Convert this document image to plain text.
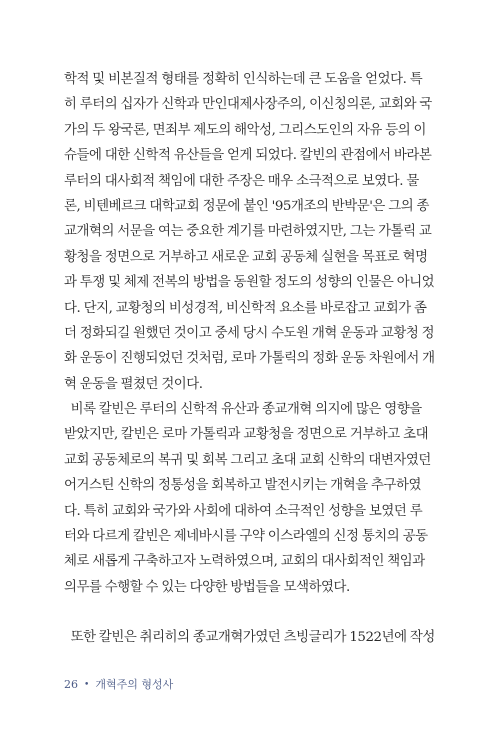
학적 및 비본질적 형태를 정확히 인식하는데 큰 도움을 얻었다. 특
히 루터의 십자가 신학과 만인대제사장주의, 이신칭의론, 교회와 국
가의 두 왕국론, 면죄부 제도의 해악성, 그리스도인의 자유 등의 이
슈들에 대한 신학적 유산들을 얻게 되었다. 칼빈의 관점에서 바라본
루터의 대사회적 책임에 대한 주장은 매우 소극적으로 보였다. 물
론, 비텐베르크 대학교회 정문에 붙인 '95개조의 반박문'은 그의 종
교개혁의 서문을 여는 중요한 계기를 마련하였지만, 그는 가톨릭 교
황청을 정면으로 거부하고 새로운 교회 공동체 실현을 목표로 혁명
과 투쟁 및 체제 전복의 방법을 동원할 정도의 성향의 인물은 아니었
다. 단지, 교황청의 비성경적, 비신학적 요소를 바로잡고 교회가 좀
더 정화되길 원했던 것이고 중세 당시 수도원 개혁 운동과 교황청 정
화 운동이 진행되었던 것처럼, 로마 가톨릭의 정화 운동 차원에서 개
혁 운동을 펼쳤던 것이다.
비록 칼빈은 루터의 신학적 유산과 종교개혁 의지에 많은 영향을
받았지만, 칼빈은 로마 가톨릭과 교황청을 정면으로 거부하고 초대
교회 공동체로의 복귀 및 회복 그리고 초대 교회 신학의 대변자였던
어거스틴 신학의 정통성을 회복하고 발전시키는 개혁을 추구하였
다. 특히 교회와 국가와 사회에 대하여 소극적인 성향을 보였던 루
터와 다르게 칼빈은 제네바시를 구약 이스라엘의 신정 통치의 공동
체로 새롭게 구축하고자 노력하였으며, 교회의 대사회적인 책임과
의무를 수행할 수 있는 다양한 방법들을 모색하였다.
또한 칼빈은 취리히의 종교개혁가였던 츠빙글리가 1522년에 작성
26 • 개혁주의 형성사
